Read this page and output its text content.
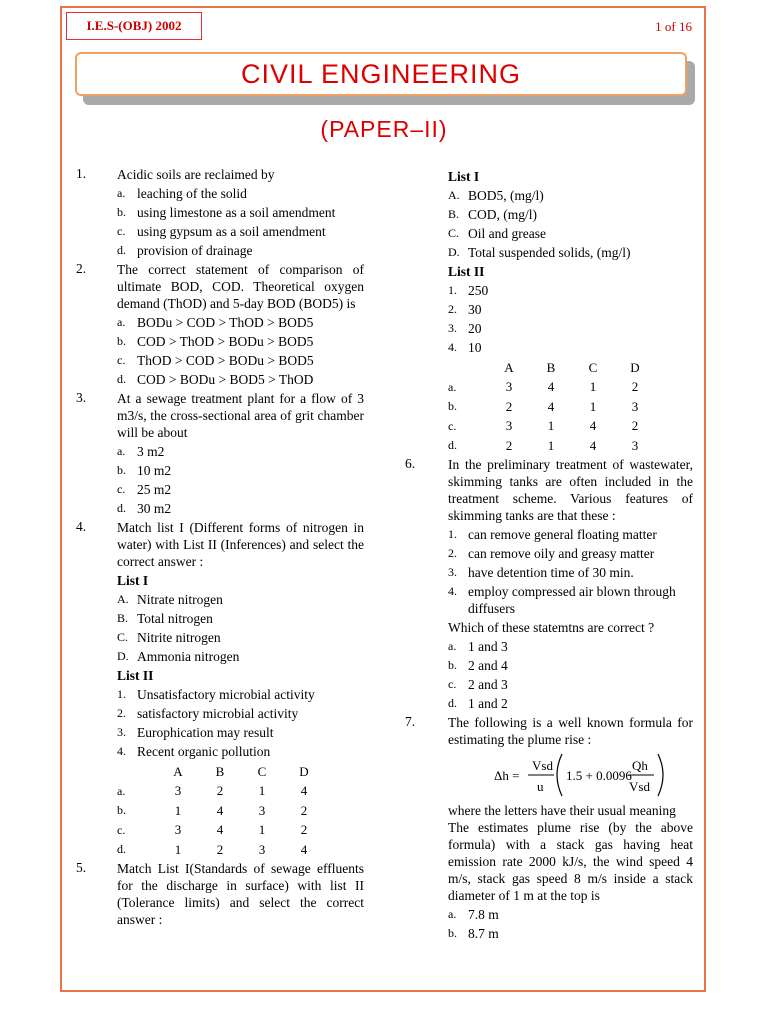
I.E.S-(OBJ) 2002	1 of 16
CIVIL ENGINEERING
(PAPER–II)
1. Acidic soils are reclaimed by
a. leaching of the solid
b. using limestone as a soil amendment
c. using gypsum as a soil amendment
d. provision of drainage
2. The correct statement of comparison of ultimate BOD, COD. Theoretical oxygen demand (ThOD) and 5-day BOD (BOD5) is
a. BODu > COD > ThOD > BOD5
b. COD > ThOD > BODu > BOD5
c. ThOD > COD > BODu > BOD5
d. COD > BODu > BOD5 > ThOD
3. At a sewage treatment plant for a flow of 3 m3/s, the cross-sectional area of grit chamber will be about
a. 3 m2
b. 10 m2
c. 25 m2
d. 30 m2
4. Match list I (Different forms of nitrogen in water) with List II (Inferences) and select the correct answer :
List I
A. Nitrate nitrogen
B. Total nitrogen
C. Nitrite nitrogen
D. Ammonia nitrogen
List II
1. Unsatisfactory microbial activity
2. satisfactory microbial activity
3. Europhication may result
4. Recent organic pollution
	A	B	C	D
a.	3	2	1	4
b.	1	4	3	2
c.	3	4	1	2
d.	1	2	3	4
5. Match List I(Standards of sewage effluents for the discharge in surface) with list II (Tolerance limits) and select the correct answer :
List I
A. BOD5, (mg/l)
B. COD, (mg/l)
C. Oil and grease
D. Total suspended solids, (mg/l)
List II
1. 250
2. 30
3. 20
4. 10
	A	B	C	D
a.	3	4	1	2
b.	2	4	1	3
c.	3	1	4	2
d.	2	1	4	3
6. In the preliminary treatment of wastewater, skimming tanks are often included in the treatment scheme. Various features of skimming tanks are that these :
1. can remove general floating matter
2. can remove oily and greasy matter
3. have detention time of 30 min.
4. employ compressed air blown through diffusers
Which of these statemtns are correct ?
a. 1 and 3
b. 2 and 4
c. 2 and 3
d. 1 and 2
7. The following is a well known formula for estimating the plume rise :
Δh =
Vsd
u
1.5 + 0.0096
Qh
Vsd
where the letters have their usual meaning
The estimates plume rise (by the above formula) with a stack gas having heat emission rate 2000 kJ/s, the wind speed 4 m/s, stack gas speed 8 m/s inside a stack diameter of 1 m at the top is
a. 7.8 m
b. 8.7 m
